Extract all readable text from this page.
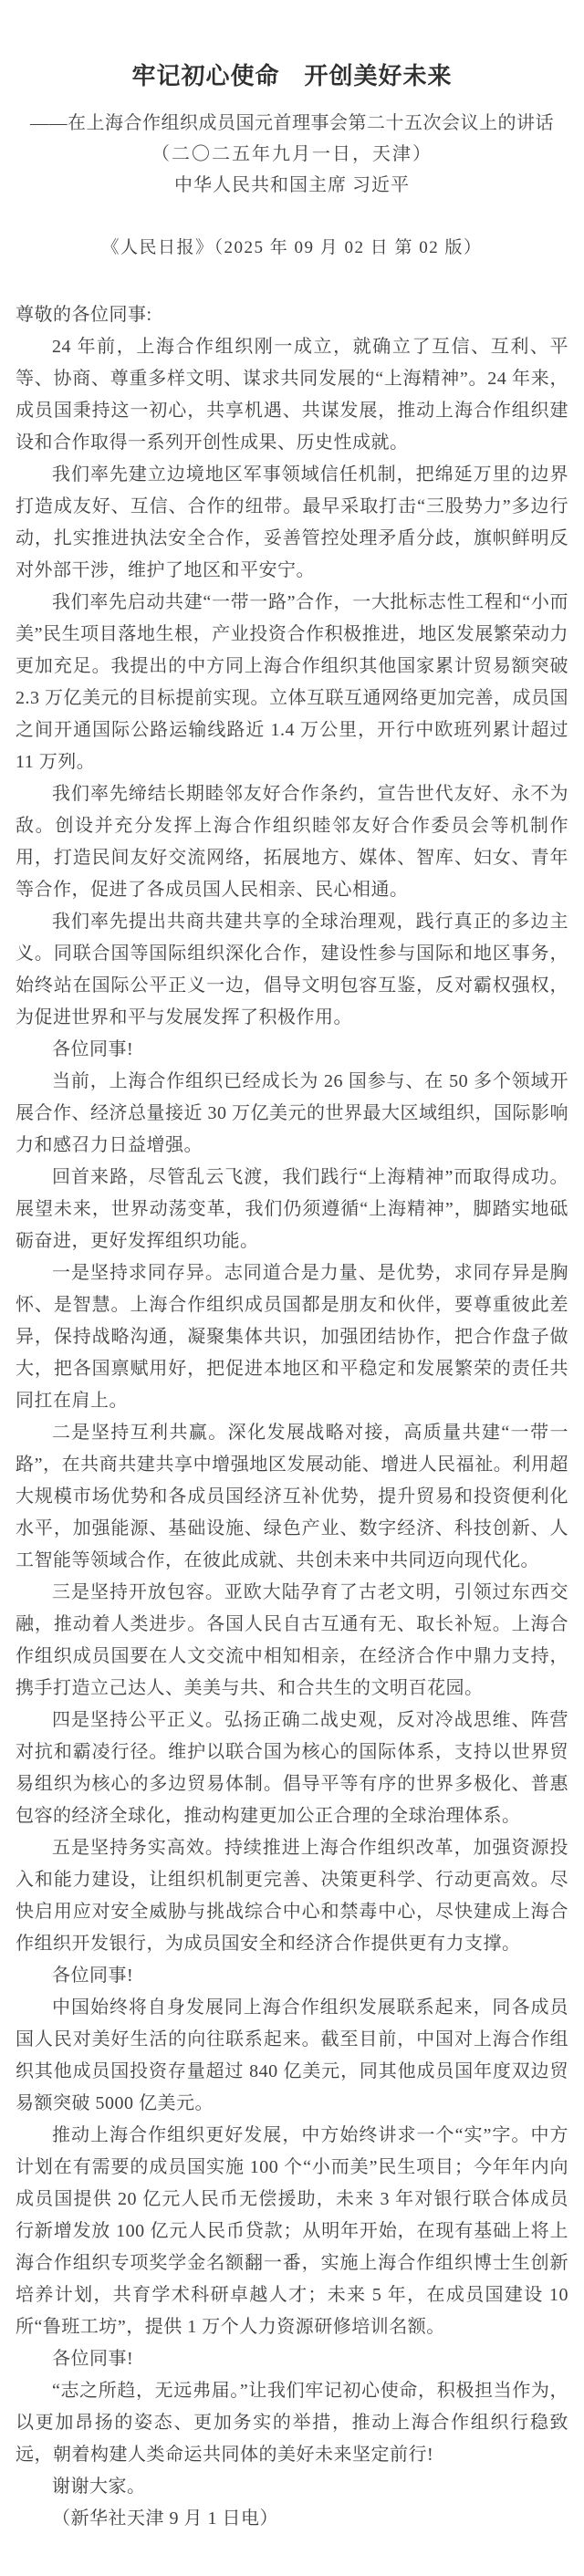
牢记初心使命　开创美好未来

——在上海合作组织成员国元首理事会第二十五次会议上的讲话

（二〇二五年九月一日，天津）

中华人民共和国主席 习近平

《人民日报》（2025 年 09 月 02 日 第 02 版）

尊敬的各位同事:

24 年前，上海合作组织刚一成立，就确立了互信、互利、平等、协商、尊重多样文明、谋求共同发展的“上海精神”。24 年来，成员国秉持这一初心，共享机遇、共谋发展，推动上海合作组织建设和合作取得一系列开创性成果、历史性成就。

我们率先建立边境地区军事领域信任机制，把绵延万里的边界打造成友好、互信、合作的纽带。最早采取打击“三股势力”多边行动，扎实推进执法安全合作，妥善管控处理矛盾分歧，旗帜鲜明反对外部干涉，维护了地区和平安宁。

我们率先启动共建“一带一路”合作，一大批标志性工程和“小而美”民生项目落地生根，产业投资合作积极推进，地区发展繁荣动力更加充足。我提出的中方同上海合作组织其他国家累计贸易额突破 2.3 万亿美元的目标提前实现。立体互联互通网络更加完善，成员国之间开通国际公路运输线路近 1.4 万公里，开行中欧班列累计超过 11 万列。

我们率先缔结长期睦邻友好合作条约，宣告世代友好、永不为敌。创设并充分发挥上海合作组织睦邻友好合作委员会等机制作用，打造民间友好交流网络，拓展地方、媒体、智库、妇女、青年等合作，促进了各成员国人民相亲、民心相通。

我们率先提出共商共建共享的全球治理观，践行真正的多边主义。同联合国等国际组织深化合作，建设性参与国际和地区事务，始终站在国际公平正义一边，倡导文明包容互鉴，反对霸权强权，为促进世界和平与发展发挥了积极作用。

各位同事!

当前，上海合作组织已经成长为 26 国参与、在 50 多个领域开展合作、经济总量接近 30 万亿美元的世界最大区域组织，国际影响力和感召力日益增强。

回首来路，尽管乱云飞渡，我们践行“上海精神”而取得成功。展望未来，世界动荡变革，我们仍须遵循“上海精神”，脚踏实地砥砺奋进，更好发挥组织功能。

一是坚持求同存异。志同道合是力量、是优势，求同存异是胸怀、是智慧。上海合作组织成员国都是朋友和伙伴，要尊重彼此差异，保持战略沟通，凝聚集体共识，加强团结协作，把合作盘子做大，把各国禀赋用好，把促进本地区和平稳定和发展繁荣的责任共同扛在肩上。

二是坚持互利共赢。深化发展战略对接，高质量共建“一带一路”，在共商共建共享中增强地区发展动能、增进人民福祉。利用超大规模市场优势和各成员国经济互补优势，提升贸易和投资便利化水平，加强能源、基础设施、绿色产业、数字经济、科技创新、人工智能等领域合作，在彼此成就、共创未来中共同迈向现代化。

三是坚持开放包容。亚欧大陆孕育了古老文明，引领过东西交融，推动着人类进步。各国人民自古互通有无、取长补短。上海合作组织成员国要在人文交流中相知相亲，在经济合作中鼎力支持，携手打造立己达人、美美与共、和合共生的文明百花园。

四是坚持公平正义。弘扬正确二战史观，反对冷战思维、阵营对抗和霸凌行径。维护以联合国为核心的国际体系，支持以世界贸易组织为核心的多边贸易体制。倡导平等有序的世界多极化、普惠包容的经济全球化，推动构建更加公正合理的全球治理体系。

五是坚持务实高效。持续推进上海合作组织改革，加强资源投入和能力建设，让组织机制更完善、决策更科学、行动更高效。尽快启用应对安全威胁与挑战综合中心和禁毒中心，尽快建成上海合作组织开发银行，为成员国安全和经济合作提供更有力支撑。

各位同事!

中国始终将自身发展同上海合作组织发展联系起来，同各成员国人民对美好生活的向往联系起来。截至目前，中国对上海合作组织其他成员国投资存量超过 840 亿美元，同其他成员国年度双边贸易额突破 5000 亿美元。

推动上海合作组织更好发展，中方始终讲求一个“实”字。中方计划在有需要的成员国实施 100 个“小而美”民生项目；今年年内向成员国提供 20 亿元人民币无偿援助，未来 3 年对银行联合体成员行新增发放 100 亿元人民币贷款；从明年开始，在现有基础上将上海合作组织专项奖学金名额翻一番，实施上海合作组织博士生创新培养计划，共育学术科研卓越人才；未来 5 年，在成员国建设 10 所“鲁班工坊”，提供 1 万个人力资源研修培训名额。

各位同事!

“志之所趋，无远弗届。”让我们牢记初心使命，积极担当作为，以更加昂扬的姿态、更加务实的举措，推动上海合作组织行稳致远，朝着构建人类命运共同体的美好未来坚定前行!

谢谢大家。

（新华社天津 9 月 1 日电）
